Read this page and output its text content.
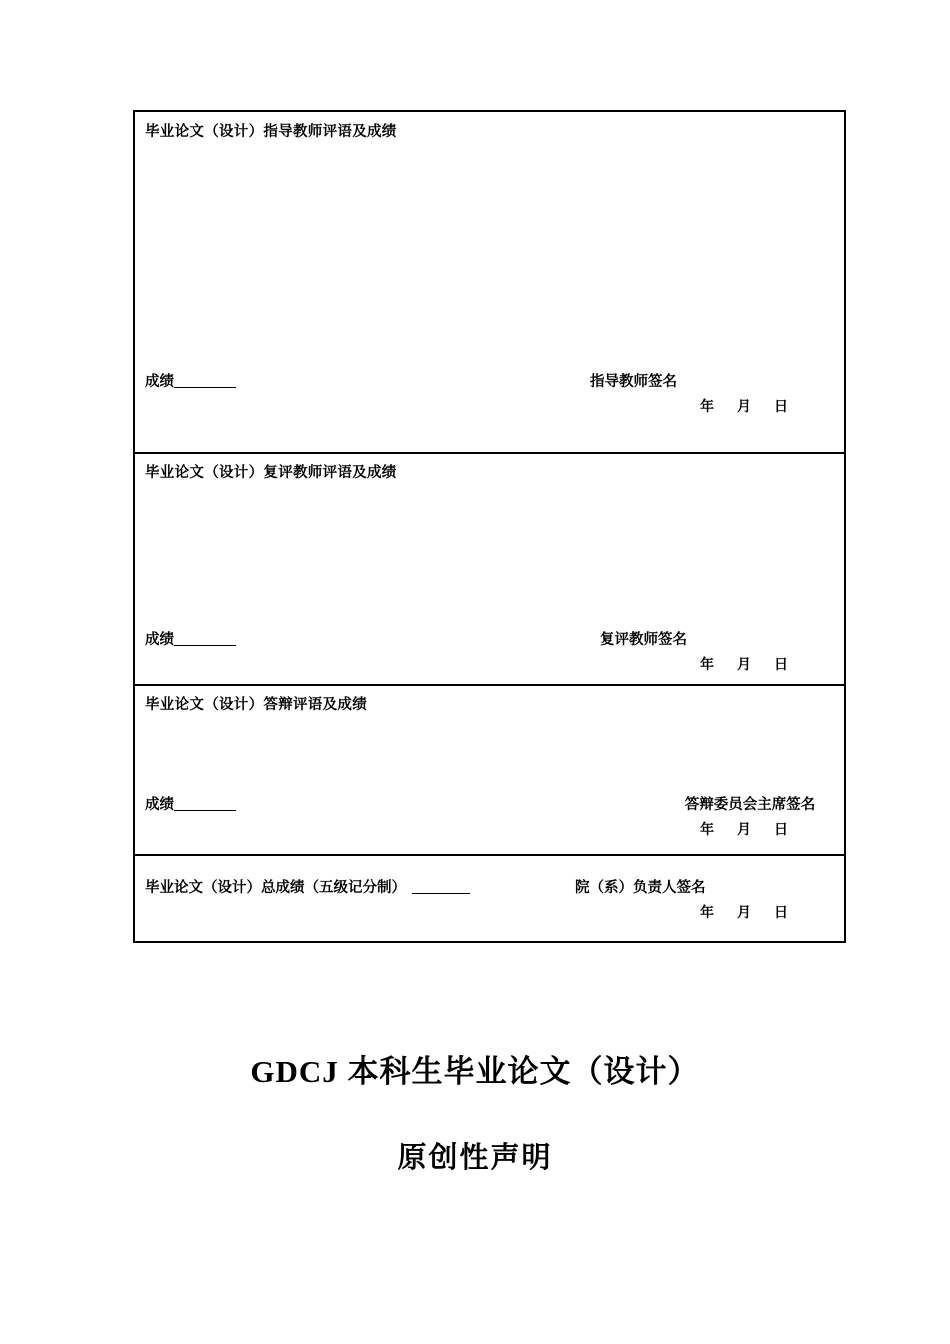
毕业论文（设计）指导教师评语及成绩
成绩	指导教师签名
年 月 日
毕业论文（设计）复评教师评语及成绩
成绩	复评教师签名
年 月 日
毕业论文（设计）答辩评语及成绩
成绩	答辩委员会主席签名
年 月 日
毕业论文（设计）总成绩（五级记分制）	院（系）负责人签名
年 月 日
GDCJ 本科生毕业论文（设计）
原创性声明
